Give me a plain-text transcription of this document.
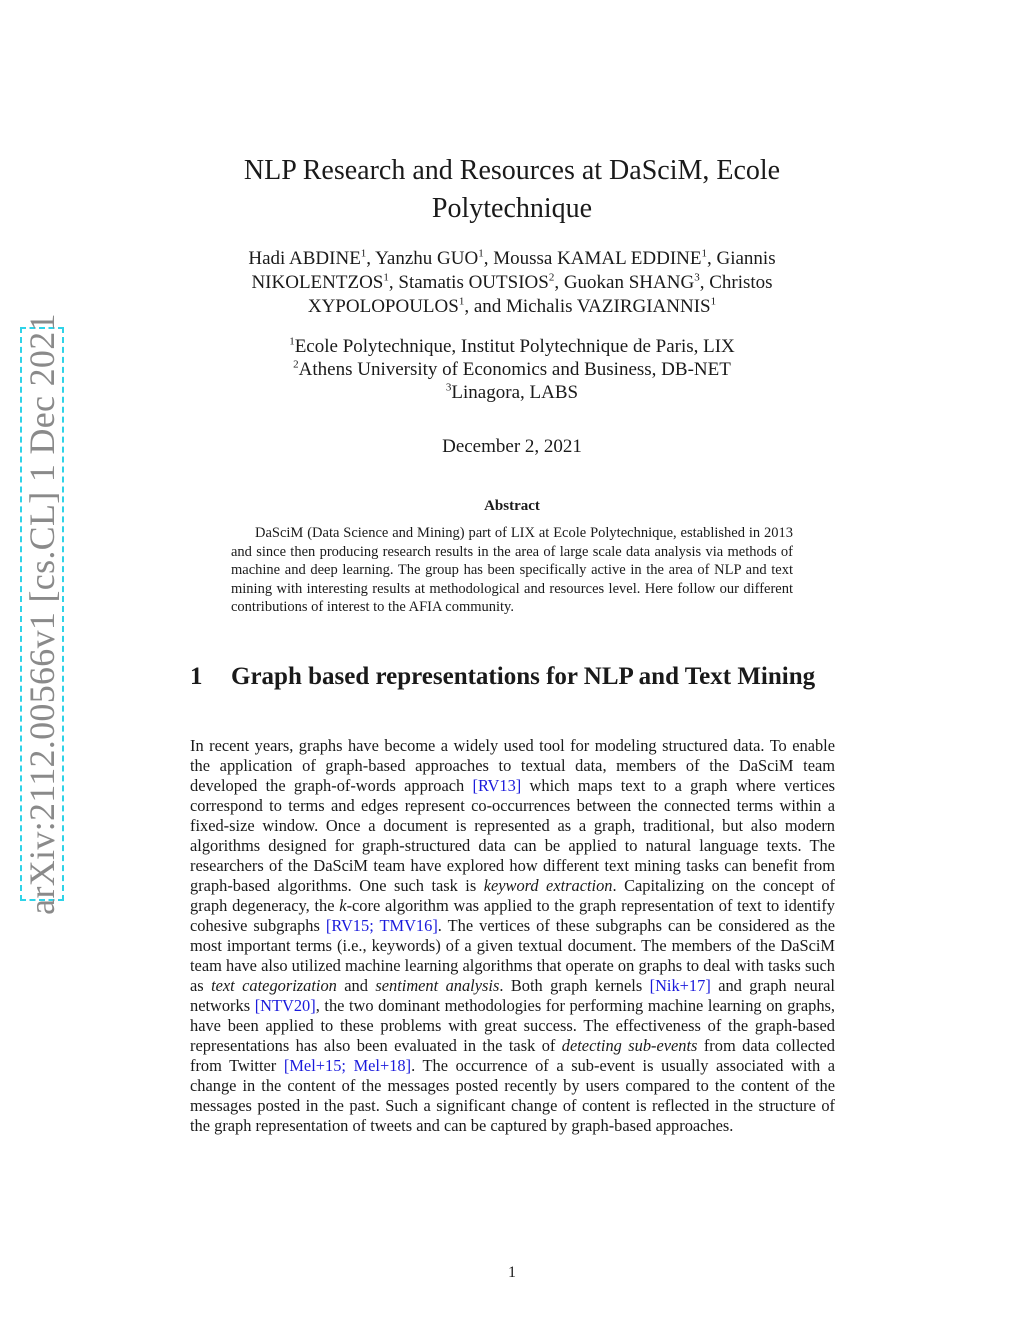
arXiv:2112.00566v1 [cs.CL] 1 Dec 2021
NLP Research and Resources at DaSciM, Ecole Polytechnique
Hadi ABDINE$^1$, Yanzhu GUO$^1$, Moussa KAMAL EDDINE$^1$, Giannis NIKOLENTZOS$^1$, Stamatis OUTSIOS$^2$, Guokan SHANG$^3$, Christos XYPOLOPOULOS$^1$, and Michalis VAZIRGIANNIS$^1$
$^1$Ecole Polytechnique, Institut Polytechnique de Paris, LIX
$^2$Athens University of Economics and Business, DB-NET
$^3$Linagora, LABS
December 2, 2021
Abstract
DaSciM (Data Science and Mining) part of LIX at Ecole Polytechnique, established in 2013 and since then producing research results in the area of large scale data analysis via methods of machine and deep learning. The group has been specifically active in the area of NLP and text mining with interesting results at methodological and resources level. Here follow our different contributions of interest to the AFIA community.
1 Graph based representations for NLP and Text Mining
In recent years, graphs have become a widely used tool for modeling structured data. To enable the application of graph-based approaches to textual data, members of the DaSciM team developed the graph-of-words approach [RV13] which maps text to a graph where vertices correspond to terms and edges represent co-occurrences between the connected terms within a fixed-size window. Once a document is represented as a graph, traditional, but also modern algorithms designed for graph-structured data can be applied to natural language texts. The researchers of the DaSciM team have explored how different text mining tasks can benefit from graph-based algorithms. One such task is keyword extraction. Capitalizing on the concept of graph degeneracy, the k-core algorithm was applied to the graph representation of text to identify cohesive subgraphs [RV15; TMV16]. The vertices of these subgraphs can be considered as the most important terms (i.e., keywords) of a given textual document. The members of the DaSciM team have also utilized machine learning algorithms that operate on graphs to deal with tasks such as text categorization and sentiment analysis. Both graph kernels [Nik+17] and graph neural networks [NTV20], the two dominant methodologies for performing machine learning on graphs, have been applied to these problems with great success. The effectiveness of the graph-based representations has also been evaluated in the task of detecting sub-events from data collected from Twitter [Mel+15; Mel+18]. The occurrence of a sub-event is usually associated with a change in the content of the messages posted recently by users compared to the content of the messages posted in the past. Such a significant change of content is reflected in the structure of the graph representation of tweets and can be captured by graph-based approaches.
1
